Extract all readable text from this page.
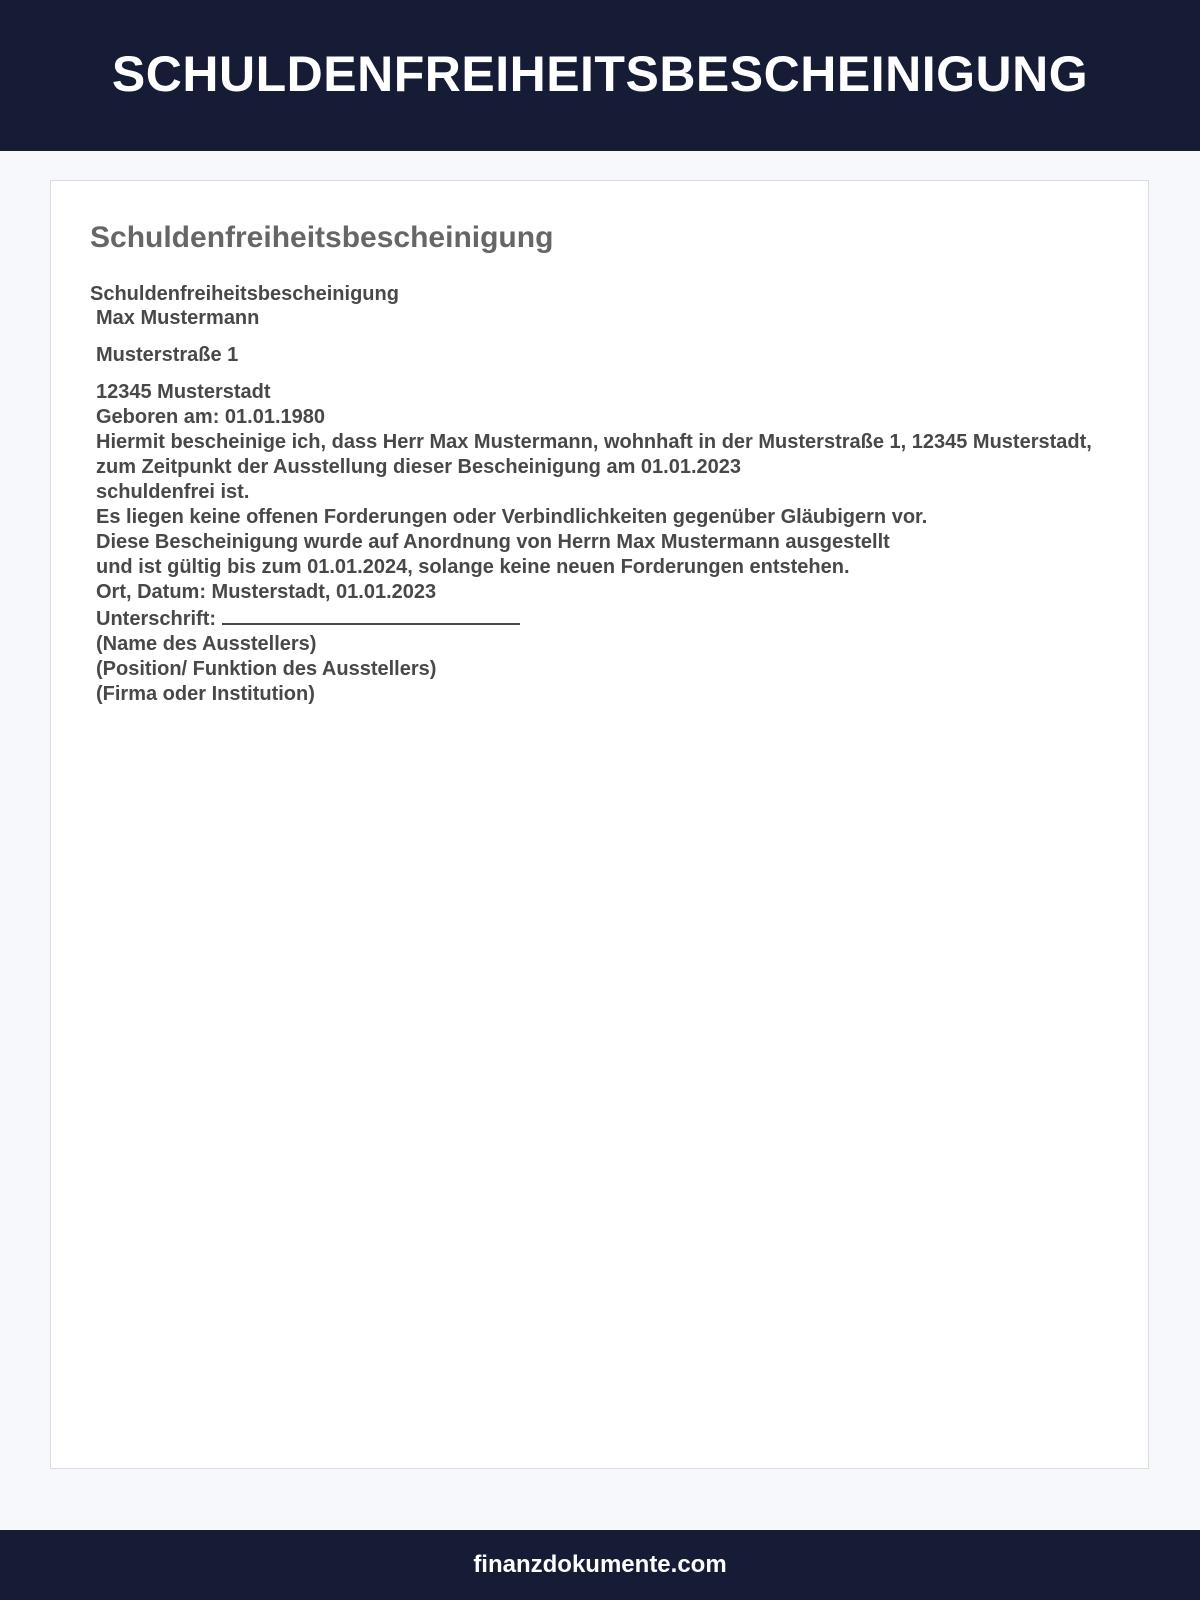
SCHULDENFREIHEITSBESCHEINIGUNG
Schuldenfreiheitsbescheinigung

Schuldenfreiheitsbescheinigung

Max Mustermann

Musterstraße 1

12345 Musterstadt

Geboren am: 01.01.1980

Hiermit bescheinige ich, dass Herr Max Mustermann, wohnhaft in der Musterstraße 1, 12345 Musterstadt,

zum Zeitpunkt der Ausstellung dieser Bescheinigung am 01.01.2023

schuldenfrei ist.

Es liegen keine offenen Forderungen oder Verbindlichkeiten gegenüber Gläubigern vor.

Diese Bescheinigung wurde auf Anordnung von Herrn Max Mustermann ausgestellt

und ist gültig bis zum 01.01.2024, solange keine neuen Forderungen entstehen.

Ort, Datum: Musterstadt, 01.01.2023

Unterschrift:

(Name des Ausstellers)

(Position/ Funktion des Ausstellers)

(Firma oder Institution)

finanzdokumente.com
